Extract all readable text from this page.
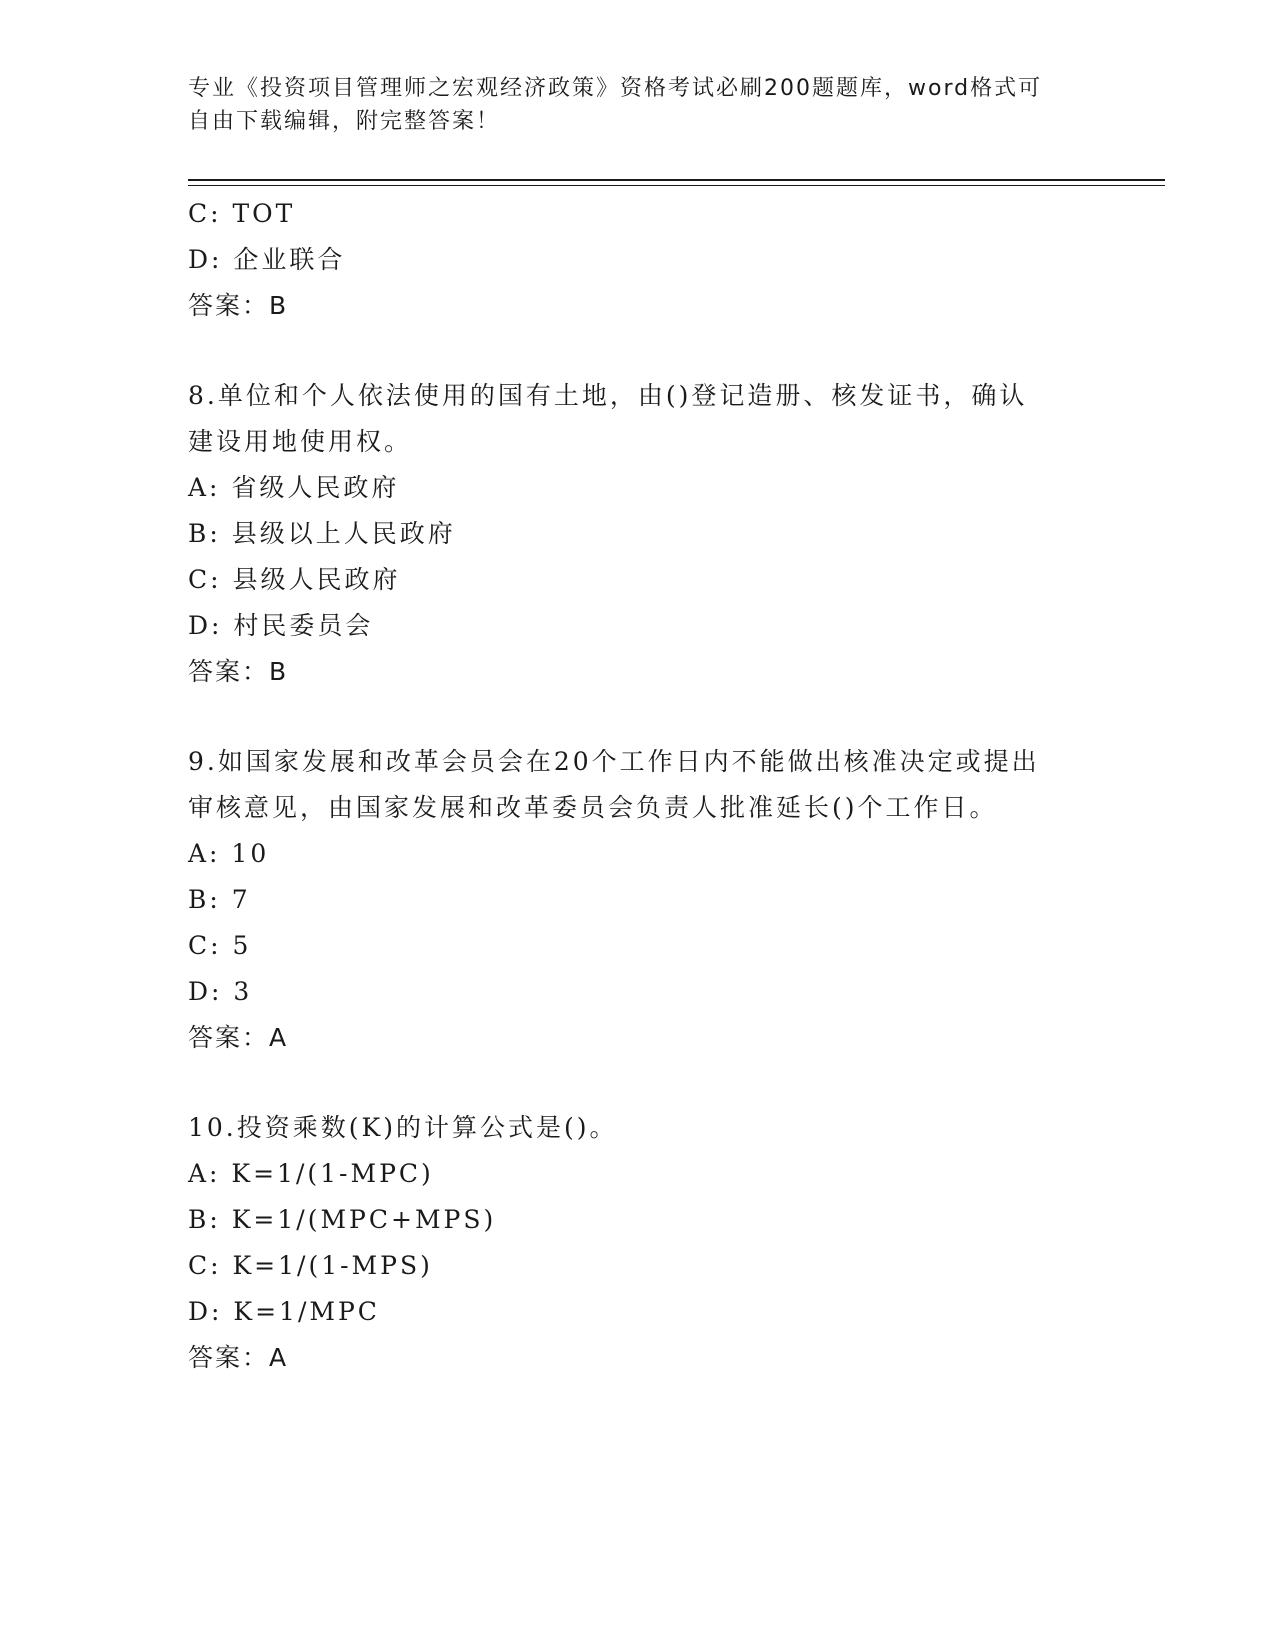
专业《投资项目管理师之宏观经济政策》资格考试必刷200题题库，word格式可
自由下载编辑，附完整答案！
C: TOT
D: 企业联合
答案：B
8.单位和个人依法使用的国有土地，由()登记造册、核发证书，确认
建设用地使用权。
A: 省级人民政府
B: 县级以上人民政府
C: 县级人民政府
D: 村民委员会
答案：B
9.如国家发展和改革会员会在20个工作日内不能做出核准决定或提出
审核意见，由国家发展和改革委员会负责人批准延长()个工作日。
A: 10
B: 7
C: 5
D: 3
答案：A
10.投资乘数(K)的计算公式是()。
A: K=1/(1-MPC)
B: K=1/(MPC+MPS)
C: K=1/(1-MPS)
D: K=1/MPC
答案：A
